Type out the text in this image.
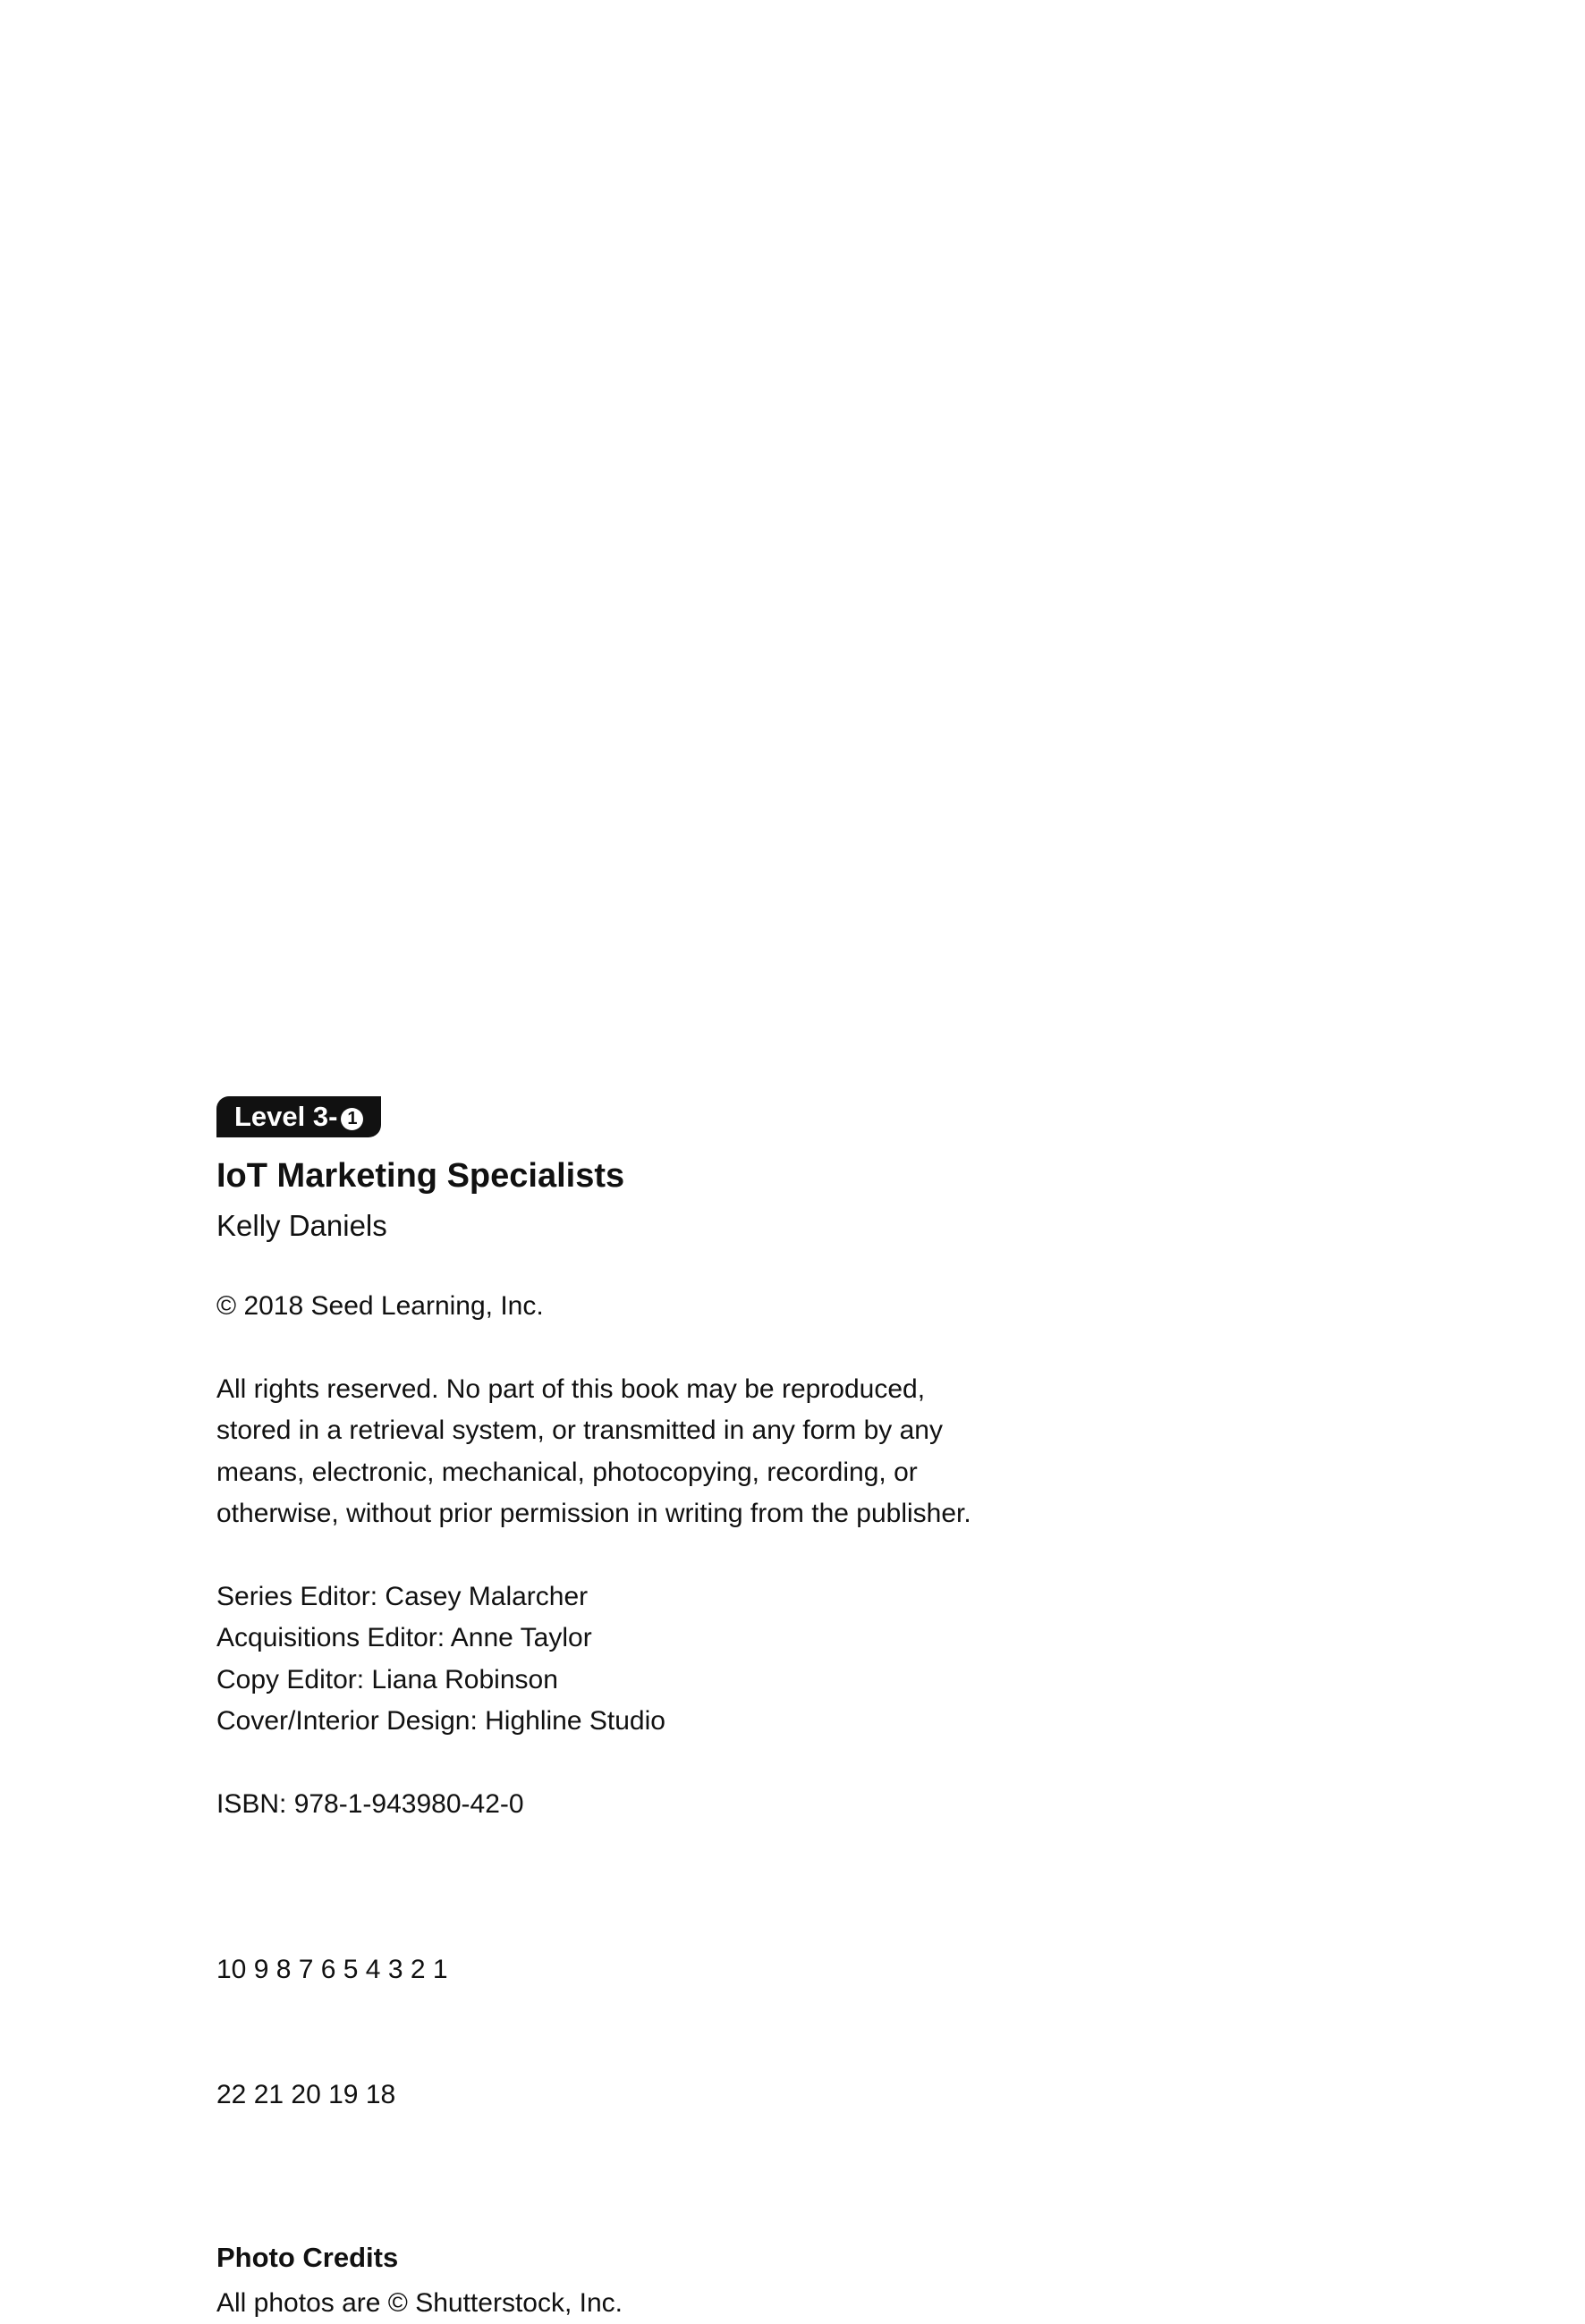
Level 3- 1
IoT Marketing Specialists
Kelly Daniels
© 2018 Seed Learning, Inc.
All rights reserved. No part of this book may be reproduced,
stored in a retrieval system, or transmitted in any form by any
means, electronic, mechanical, photocopying, recording, or
otherwise, without prior permission in writing from the publisher.
Series Editor: Casey Malarcher
Acquisitions Editor: Anne Taylor
Copy Editor: Liana Robinson
Cover/Interior Design: Highline Studio
ISBN: 978-1-943980-42-0

10 9 8 7 6 5 4 3 2 1

22 21 20 19 18

Photo Credits
All photos are © Shutterstock, Inc.
